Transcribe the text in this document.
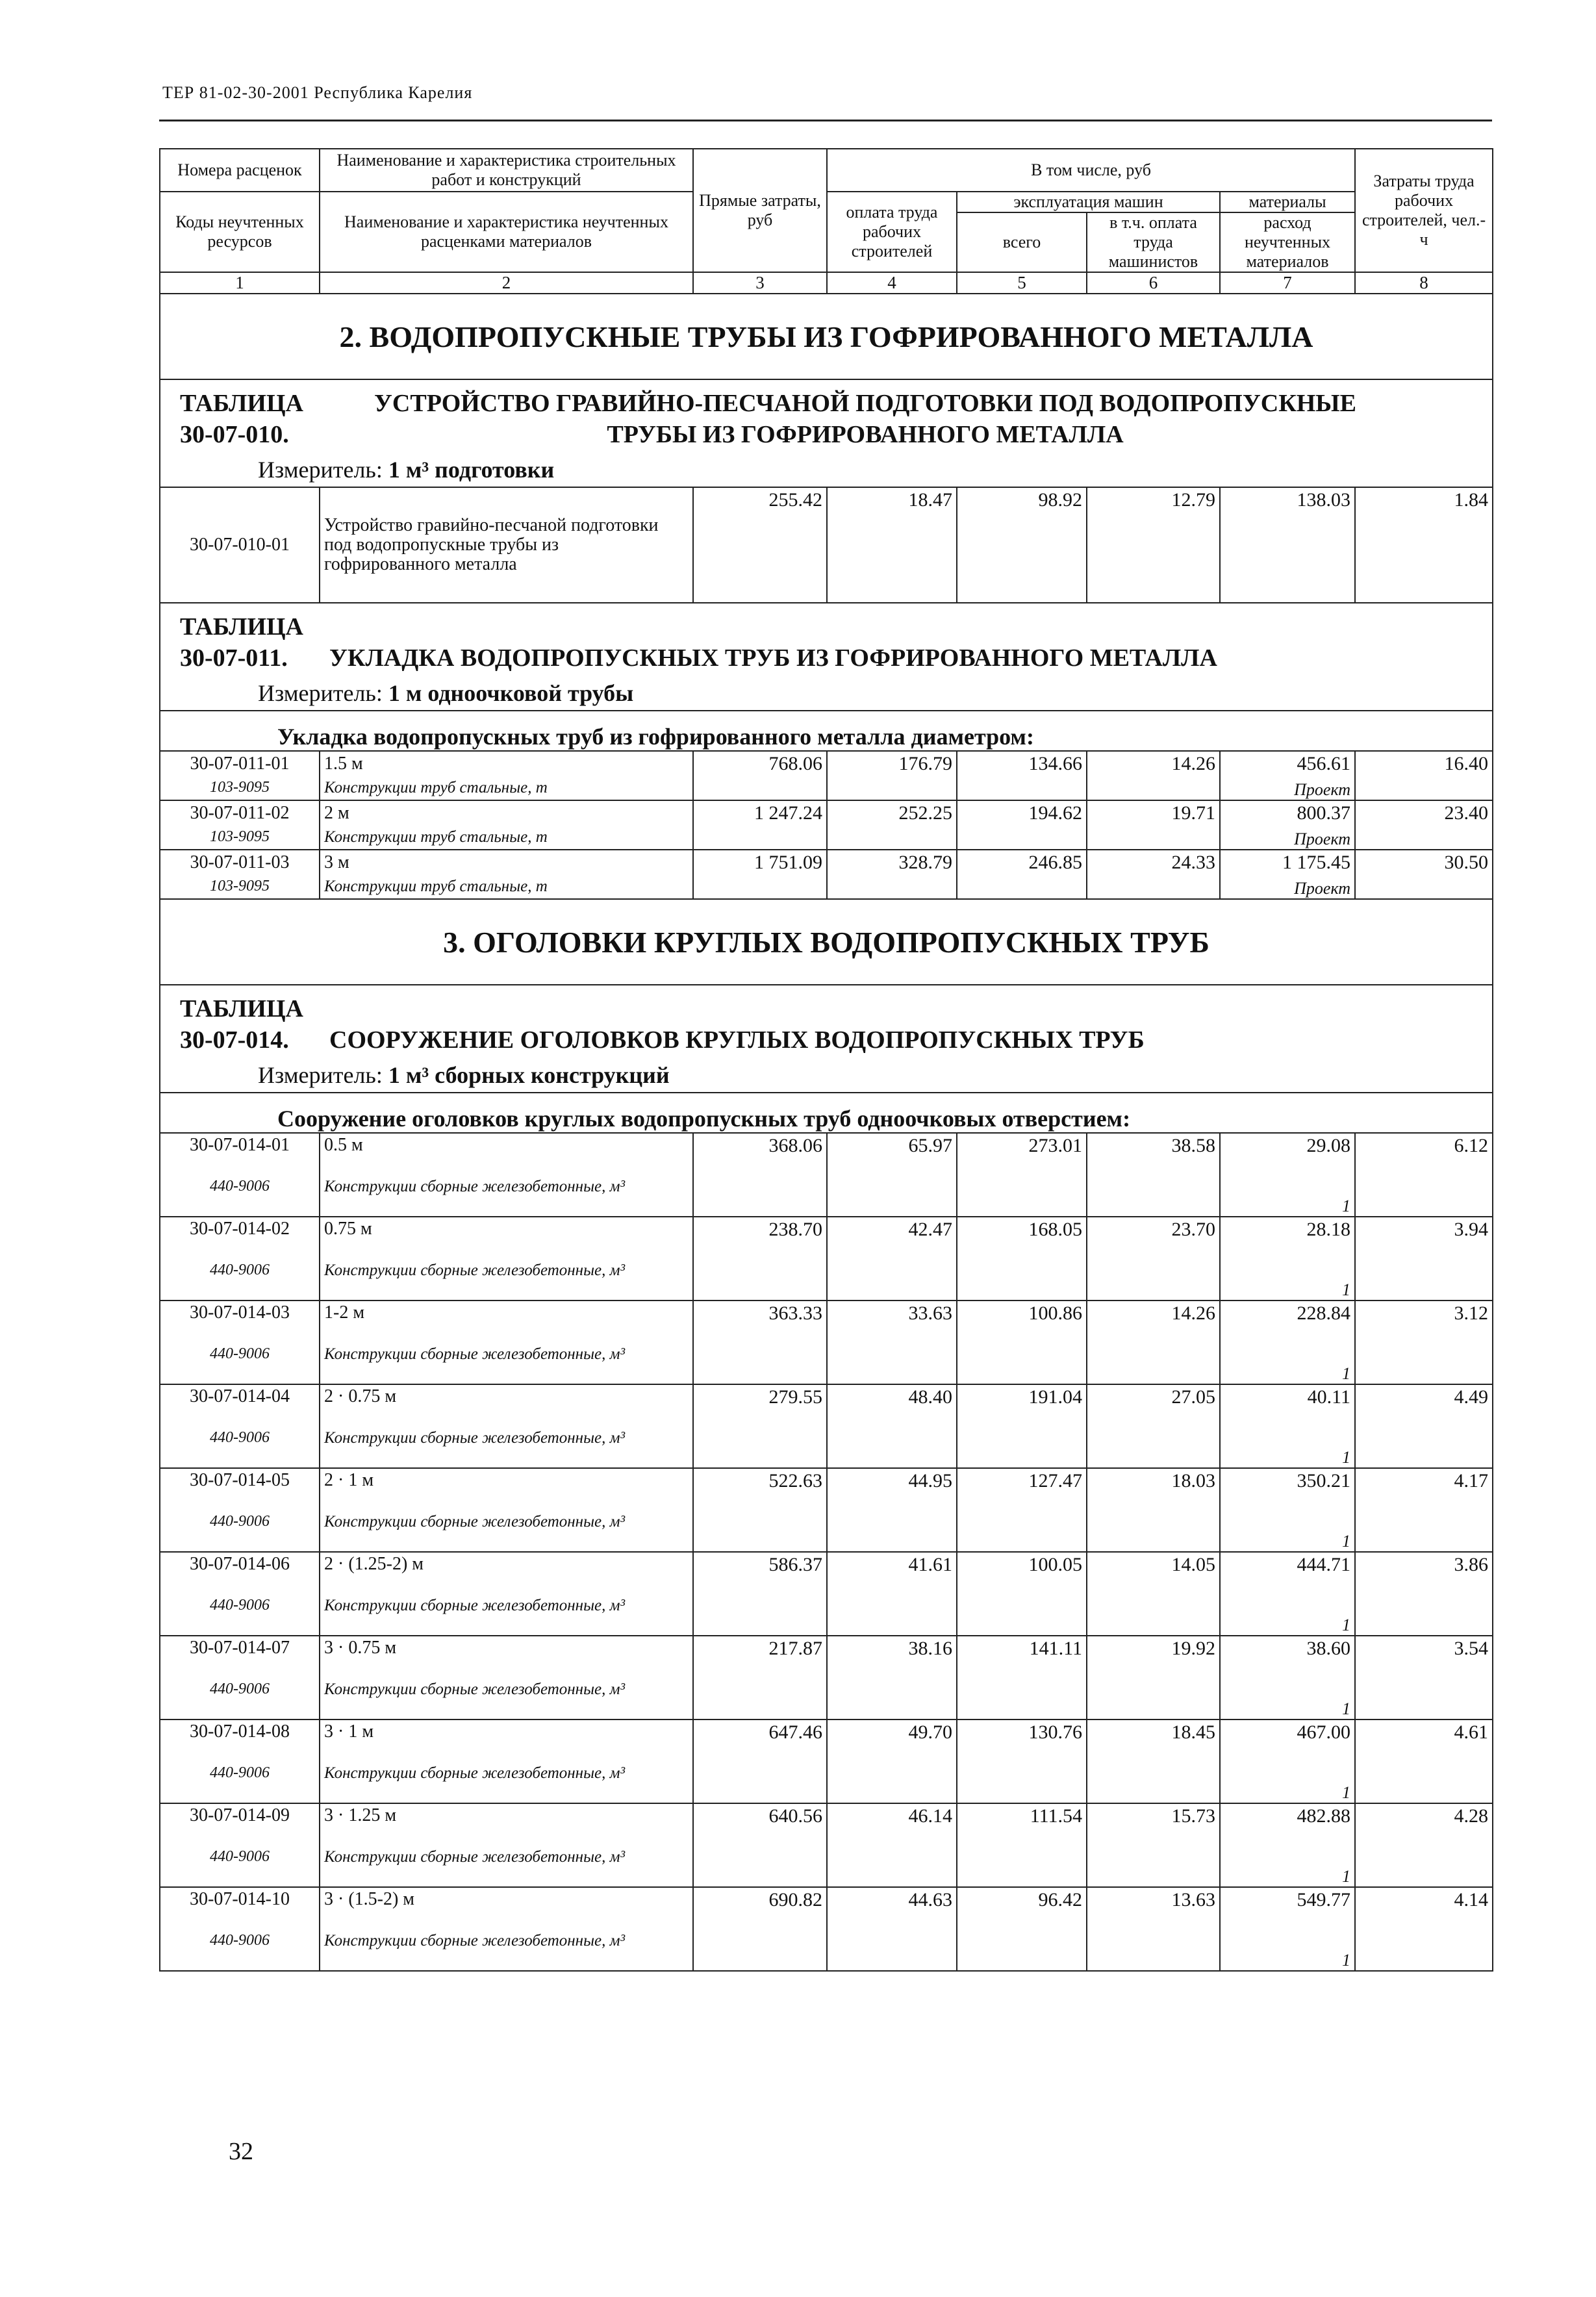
ТЕР 81-02-30-2001 Республика Карелия
Номера расценок	Наименование и характеристика строительных работ и конструкций	Прямые затраты, руб	В том числе, руб				Затраты труда рабочих строителей, чел.-ч
Коды неучтенных ресурсов	Наименование и характеристика неучтенных расценками материалов		оплата труда рабочих строителей	эксплуатация машин		материалы	
				всего	в т.ч. оплата труда машинистов	расход неучтенных материалов	
1	2	3	4	5	6	7	8
2. ВОДОПРОПУСКНЫЕ ТРУБЫ ИЗ ГОФРИРОВАННОГО МЕТАЛЛА							
ТАБЛИЦА 30-07-010.УСТРОЙСТВО ГРАВИЙНО-ПЕСЧАНОЙ ПОДГОТОВКИ ПОД ВОДОПРОПУСКНЫЕ ТРУБЫ ИЗ ГОФРИРОВАННОГО МЕТАЛЛА							
Измеритель: 1 м³ подготовки							
30-07-010-01	Устройство гравийно-песчаной подготовки под водопропускные трубы из гофрированного металла	255.42	18.47	98.92	12.79	138.03	1.84
ТАБЛИЦА 30-07-011. УКЛАДКА ВОДОПРОПУСКНЫХ ТРУБ ИЗ ГОФРИРОВАННОГО МЕТАЛЛА							
Измеритель: 1 м одноочковой трубы							
Укладка водопропускных труб из гофрированного металла диаметром:							
30-07-011-01	1.5 м	768.06	176.79	134.66	14.26	456.61	16.40
103-9095	Конструкции труб стальные, т					Проект	
30-07-011-02	2 м	1 247.24	252.25	194.62	19.71	800.37	23.40
103-9095	Конструкции труб стальные, т					Проект	
30-07-011-03	3 м	1 751.09	328.79	246.85	24.33	1 175.45	30.50
103-9095	Конструкции труб стальные, т					Проект	
3. ОГОЛОВКИ КРУГЛЫХ ВОДОПРОПУСКНЫХ ТРУБ							
ТАБЛИЦА 30-07-014. СООРУЖЕНИЕ ОГОЛОВКОВ КРУГЛЫХ ВОДОПРОПУСКНЫХ ТРУБ							
Измеритель: 1 м³ сборных конструкций							
Сооружение оголовков круглых водопропускных труб одноочковых отверстием:							
30-07-014-01	0.5 м	368.06	65.97	273.01	38.58	29.08	6.12
440-9006	Конструкции сборные железобетонные, м³					1	
30-07-014-02	0.75 м	238.70	42.47	168.05	23.70	28.18	3.94
440-9006	Конструкции сборные железобетонные, м³					1	
30-07-014-03	1-2 м	363.33	33.63	100.86	14.26	228.84	3.12
440-9006	Конструкции сборные железобетонные, м³					1	
30-07-014-04	2 · 0.75 м	279.55	48.40	191.04	27.05	40.11	4.49
440-9006	Конструкции сборные железобетонные, м³					1	
30-07-014-05	2 · 1 м	522.63	44.95	127.47	18.03	350.21	4.17
440-9006	Конструкции сборные железобетонные, м³					1	
30-07-014-06	2 · (1.25-2) м	586.37	41.61	100.05	14.05	444.71	3.86
440-9006	Конструкции сборные железобетонные, м³					1	
30-07-014-07	3 · 0.75 м	217.87	38.16	141.11	19.92	38.60	3.54
440-9006	Конструкции сборные железобетонные, м³					1	
30-07-014-08	3 · 1 м	647.46	49.70	130.76	18.45	467.00	4.61
440-9006	Конструкции сборные железобетонные, м³					1	
30-07-014-09	3 · 1.25 м	640.56	46.14	111.54	15.73	482.88	4.28
440-9006	Конструкции сборные железобетонные, м³					1	
30-07-014-10	3 · (1.5-2) м	690.82	44.63	96.42	13.63	549.77	4.14
440-9006	Конструкции сборные железобетонные, м³					1	
32
